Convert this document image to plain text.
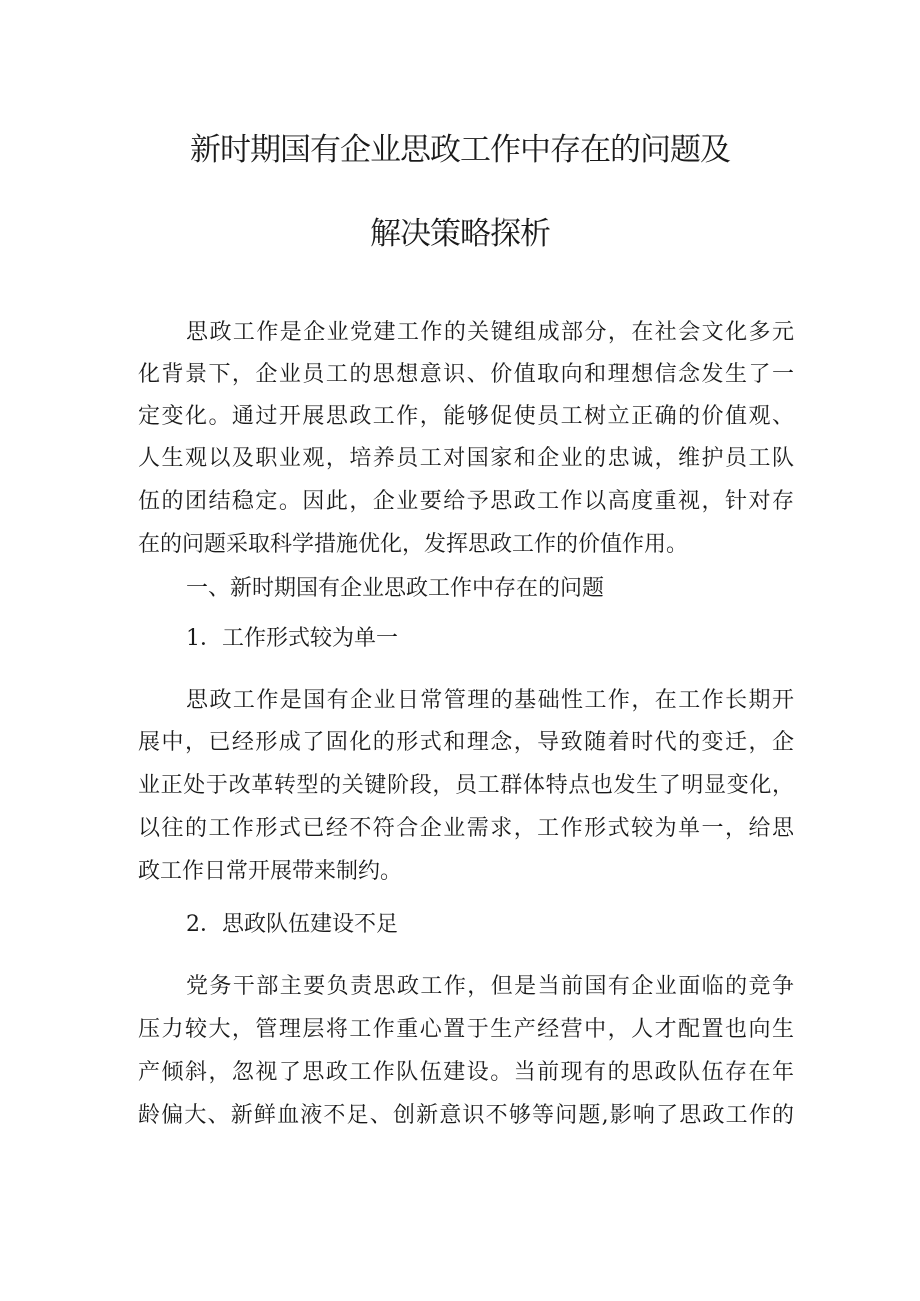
新时期国有企业思政工作中存在的问题及
解决策略探析
思政工作是企业党建工作的关键组成部分，在社会文化多元
化背景下，企业员工的思想意识、价值取向和理想信念发生了一
定变化。通过开展思政工作，能够促使员工树立正确的价值观、
人生观以及职业观，培养员工对国家和企业的忠诚，维护员工队
伍的团结稳定。因此，企业要给予思政工作以高度重视，针对存
在的问题采取科学措施优化，发挥思政工作的价值作用。
一、新时期国有企业思政工作中存在的问题
1．工作形式较为单一
思政工作是国有企业日常管理的基础性工作，在工作长期开
展中，已经形成了固化的形式和理念，导致随着时代的变迁，企
业正处于改革转型的关键阶段，员工群体特点也发生了明显变化，
以往的工作形式已经不符合企业需求，工作形式较为单一，给思
政工作日常开展带来制约。
2．思政队伍建设不足
党务干部主要负责思政工作，但是当前国有企业面临的竞争
压力较大，管理层将工作重心置于生产经营中，人才配置也向生
产倾斜，忽视了思政工作队伍建设。当前现有的思政队伍存在年
龄偏大、新鲜血液不足、创新意识不够等问题,影响了思政工作的
